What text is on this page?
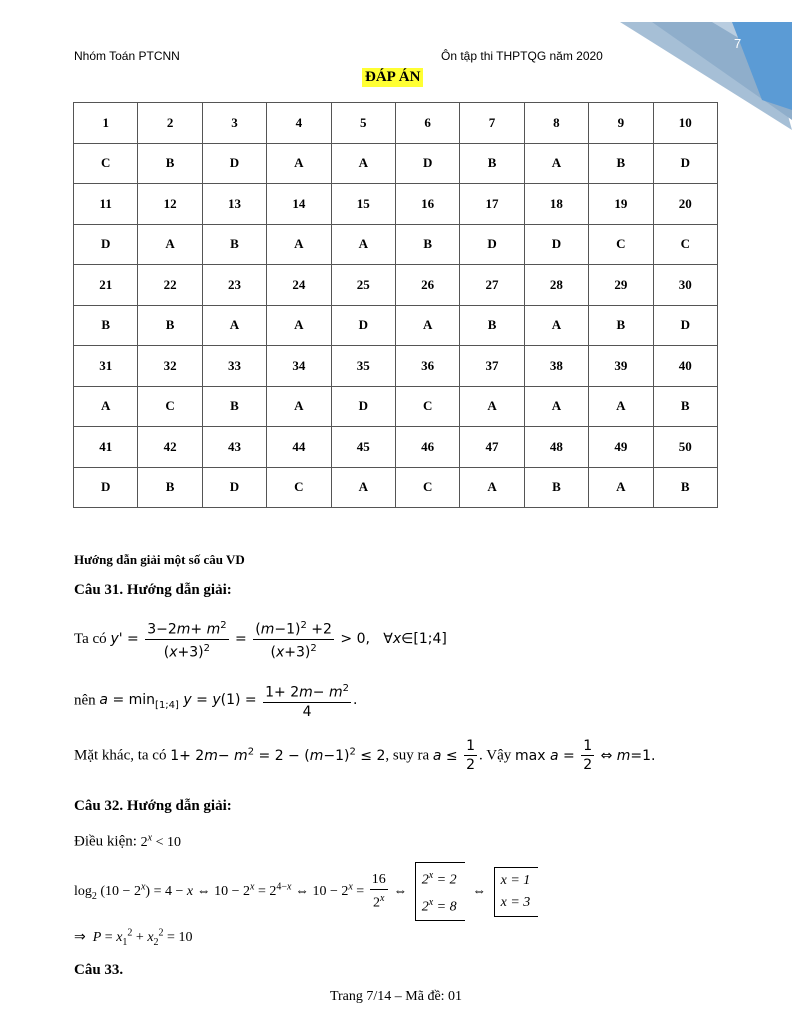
7
Nhóm Toán PTCNN	Ôn tập thi THPTQG năm 2020
ĐÁP ÁN
1	2	3	4	5	6	7	8	9	10
C	B	D	A	A	D	B	A	B	D
11	12	13	14	15	16	17	18	19	20
D	A	B	A	A	B	D	D	C	C
21	22	23	24	25	26	27	28	29	30
B	B	A	A	D	A	B	A	B	D
31	32	33	34	35	36	37	38	39	40
A	C	B	A	D	C	A	A	A	B
41	42	43	44	45	46	47	48	49	50
D	B	D	C	A	C	A	B	A	B
Hướng dẫn giải một số câu VD
Câu 31. Hướng dẫn giải:
Ta có $y' = \frac{3-2m+ m^2}{(x+3)^2} = \frac{(m-1)^2 +2}{(x+3)^2} > 0$,   ∀x∈[1;4]
nên $a = \min_{[1;4]} y = y(1) = \frac{1+ 2m- m^2}{4}$ .
Mặt khác, ta có $1+ 2m- m^2 = 2 - (m-1)^2 \le 2$, suy ra $a \le \frac{1}{2}$ . Vậy $\max a = \frac{1}{2}$ ⇔ m=1.
Câu 32. Hướng dẫn giải:
Điều kiện: $2^x < 10$
$\log_2 (10 - 2^x) = 4 - x$ ⇔ $10 - 2^x = 2^{4-x}$ ⇔ $10 - 2^x = \frac{16}{2^x}$ ⇔ $2^x = 2$
$2^x = 8$ ⇔ x = 1
x = 3
⇒  $P = x_1^2 + x_2^2 = 10$
Câu 33.
Trang 7/14 – Mã đề: 01
